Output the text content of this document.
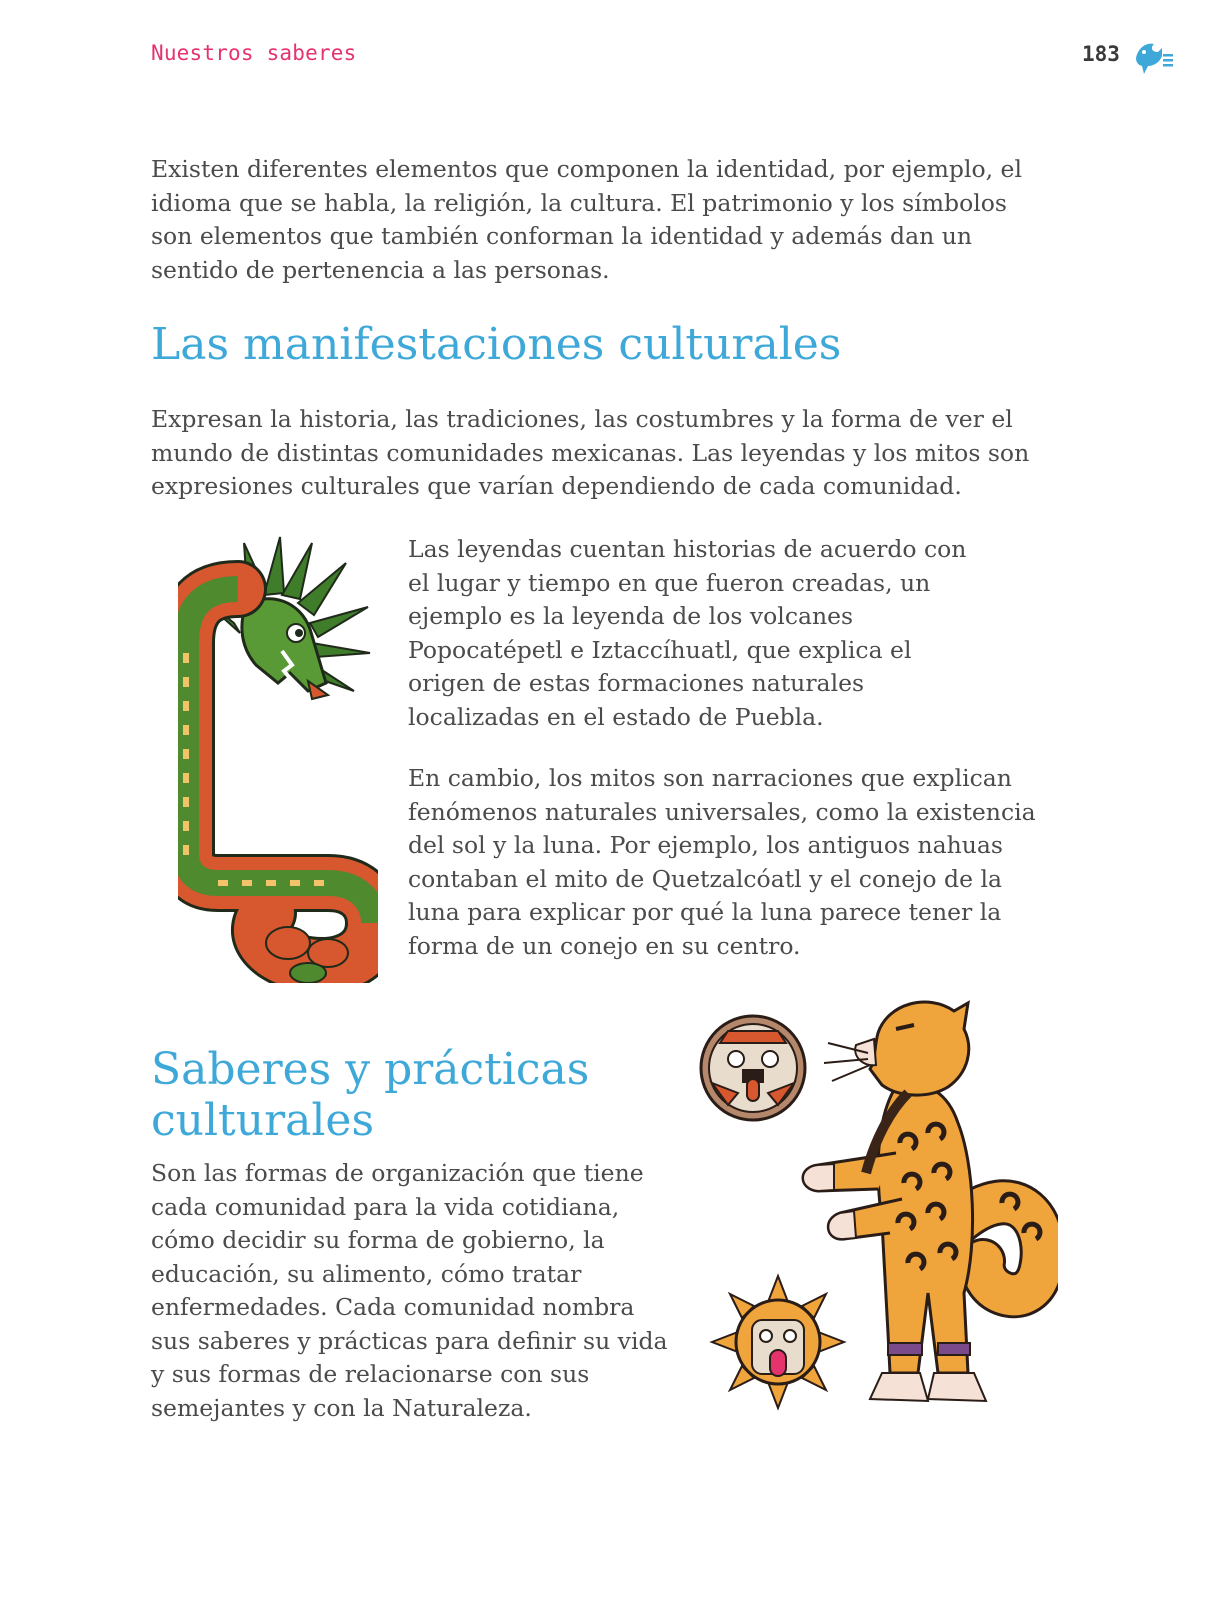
Nuestros saberes	183

Existen diferentes elementos que componen la identidad, por ejemplo, el idioma que se habla, la religión, la cultura. El patrimonio y los símbolos son elementos que también conforman la identidad y además dan un sentido de pertenencia a las personas.

Las manifestaciones culturales

Expresan la historia, las tradiciones, las costumbres y la forma de ver el mundo de distintas comunidades mexicanas. Las leyendas y los mitos son expresiones culturales que varían dependiendo de cada comunidad.

Las leyendas cuentan historias de acuerdo con el lugar y tiempo en que fueron creadas, un ejemplo es la leyenda de los volcanes Popocatépetl e Iztaccíhuatl, que explica el origen de estas formaciones naturales localizadas en el estado de Puebla.

En cambio, los mitos son narraciones que explican fenómenos naturales universales, como la existencia del sol y la luna. Por ejemplo, los antiguos nahuas contaban el mito de Quetzalcóatl y el conejo de la luna para explicar por qué la luna parece tener la forma de un conejo en su centro.

Saberes y prácticas culturales

Son las formas de organización que tiene cada comunidad para la vida cotidiana, cómo decidir su forma de gobierno, la educación, su alimento, cómo tratar enfermedades. Cada comunidad nombra sus saberes y prácticas para definir su vida y sus formas de relacionarse con sus semejantes y con la Naturaleza.
